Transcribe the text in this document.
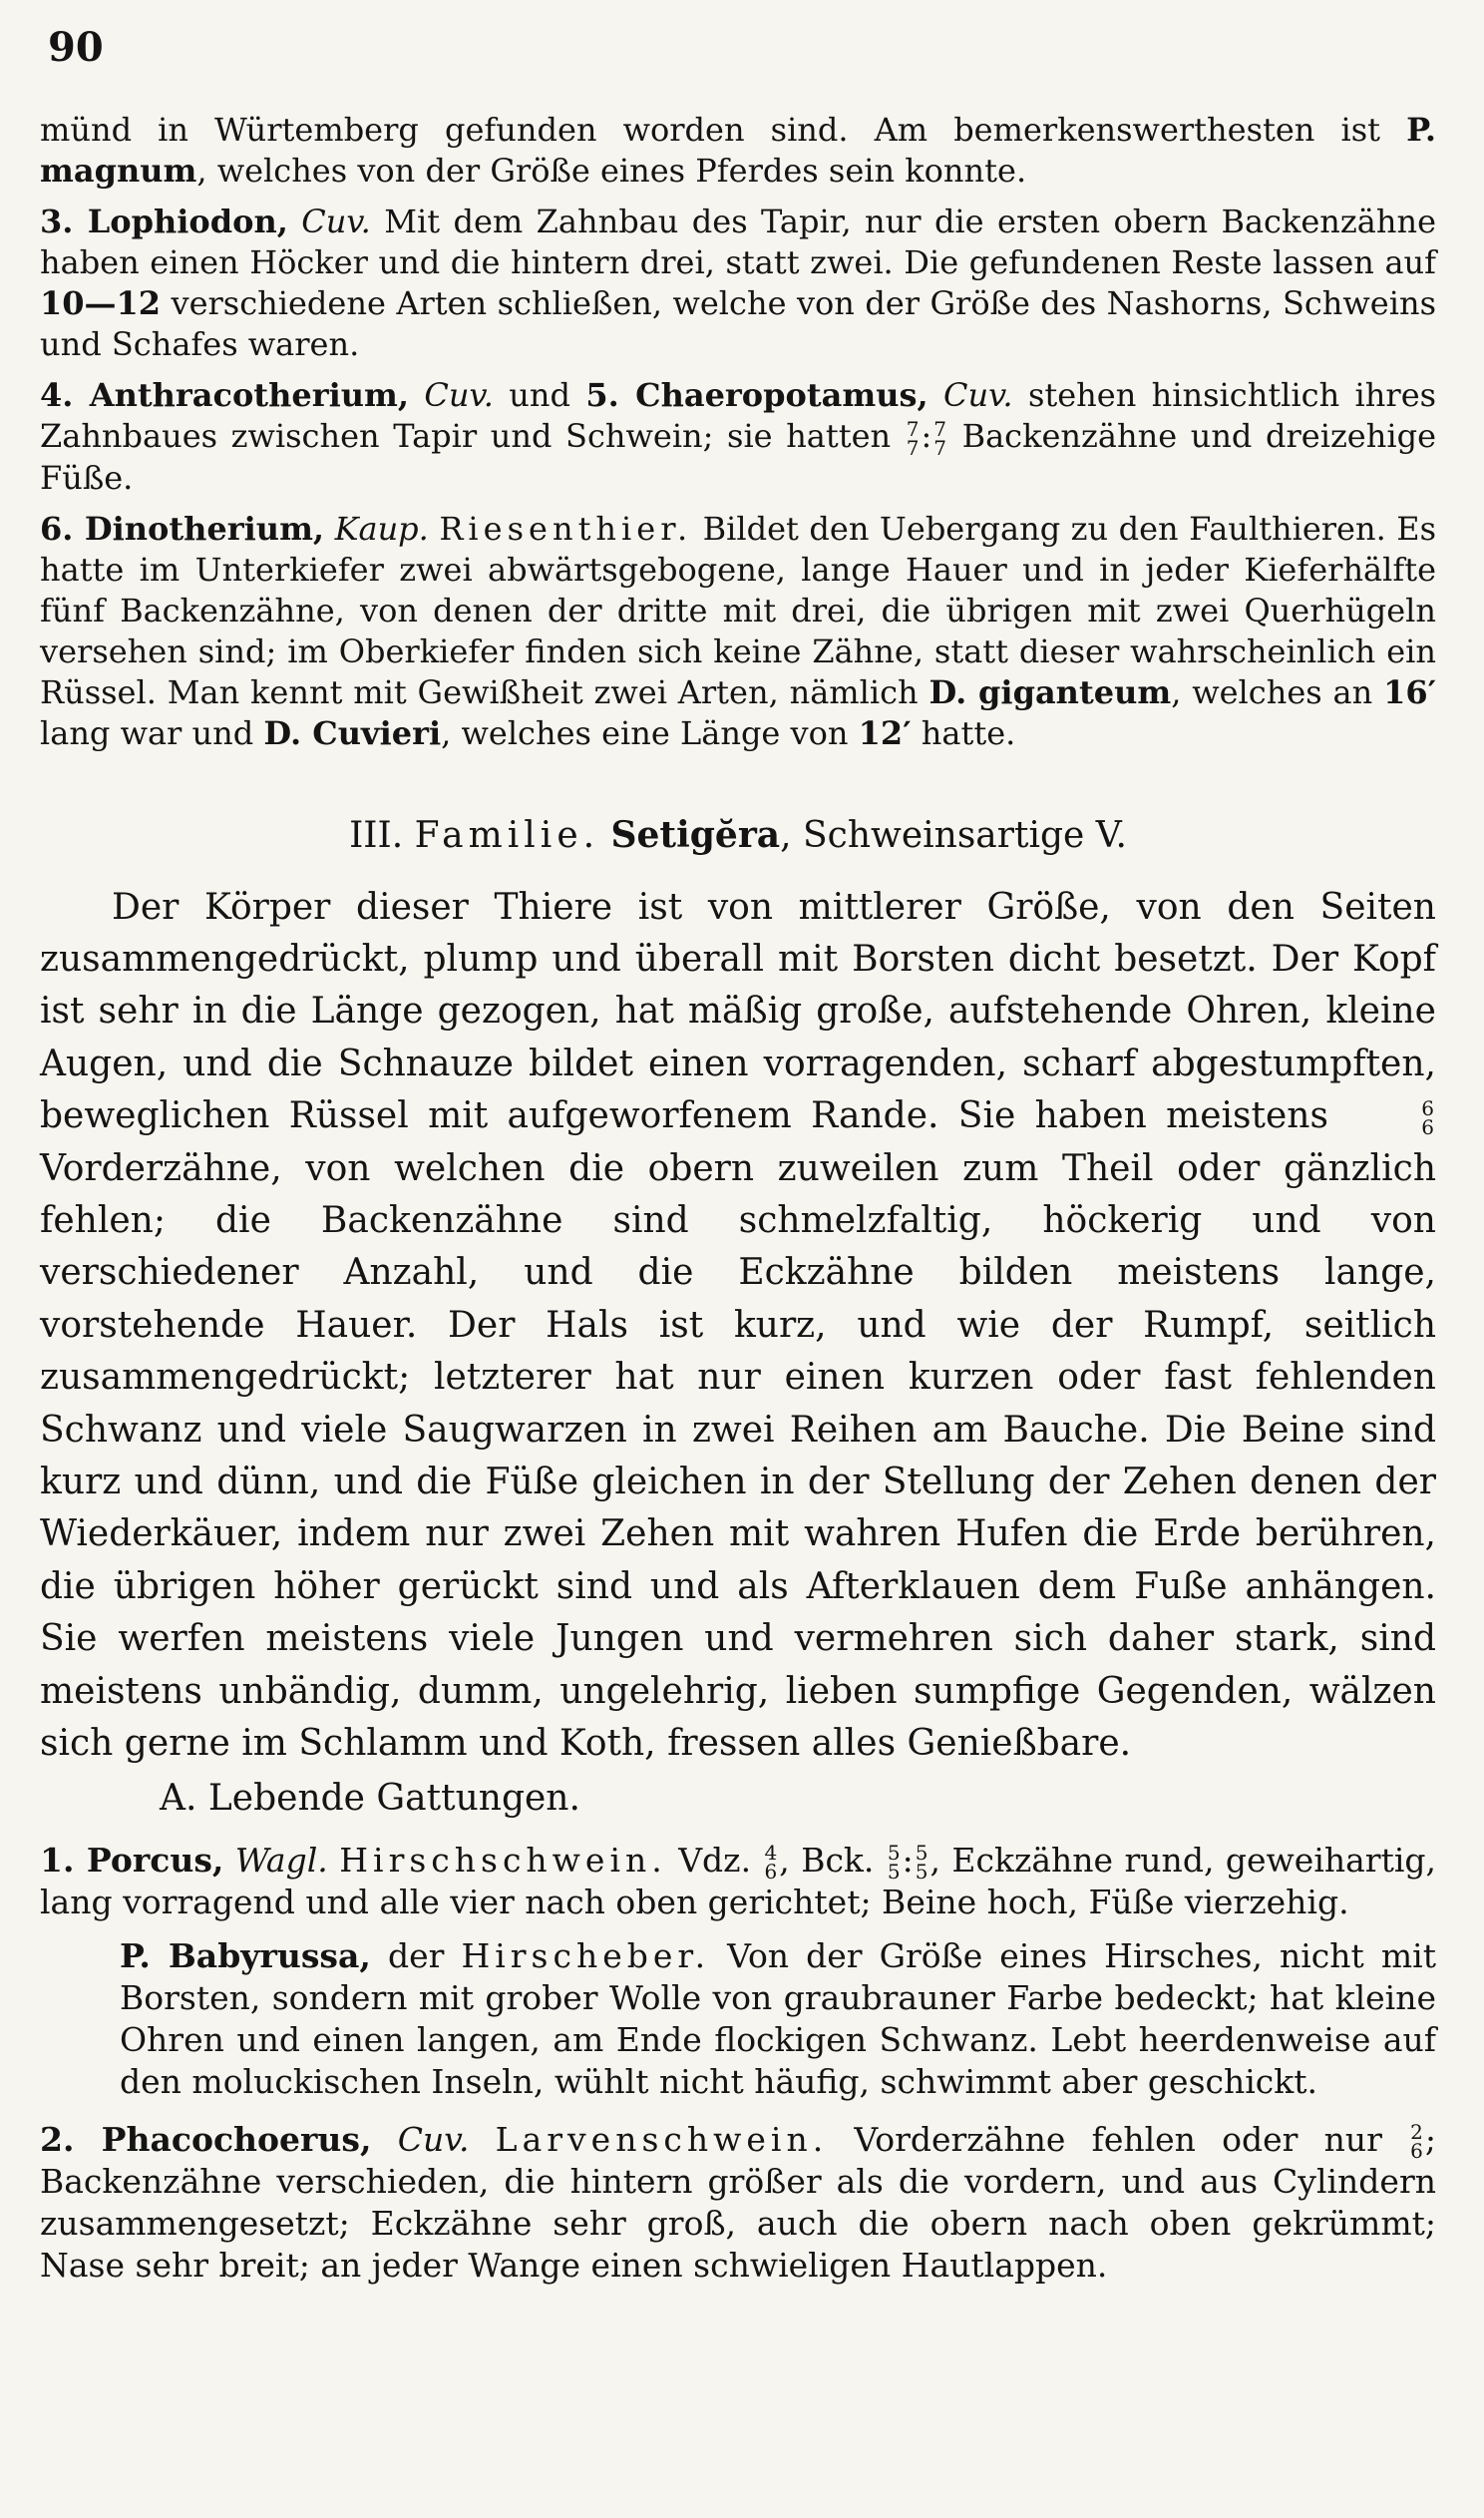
90

münd in Würtemberg gefunden worden sind. Am bemerkenswerthesten ist P. magnum, welches von der Größe eines Pferdes sein konnte.

3. Lophiodon, Cuv. Mit dem Zahnbau des Tapir, nur die ersten obern Backenzähne haben einen Höcker und die hintern drei, statt zwei. Die gefundenen Reste lassen auf 10—12 verschiedene Arten schließen, welche von der Größe des Nashorns, Schweins und Schafes waren.

4. Anthracotherium, Cuv. und 5. Chaeropotamus, Cuv. stehen hinsichtlich ihres Zahnbaues zwischen Tapir und Schwein; sie hatten 7
7 : 7
7 Backenzähne und dreizehige Füße.

6. Dinotherium, Kaup. Riesenthier. Bildet den Uebergang zu den Faulthieren. Es hatte im Unterkiefer zwei abwärtsgebogene, lange Hauer und in jeder Kieferhälfte fünf Backenzähne, von denen der dritte mit drei, die übrigen mit zwei Querhügeln versehen sind; im Oberkiefer finden sich keine Zähne, statt dieser wahrscheinlich ein Rüssel. Man kennt mit Gewißheit zwei Arten, nämlich D. giganteum, welches an 16′ lang war und D. Cuvieri, welches eine Länge von 12′ hatte.

III. Familie. Setigĕra, Schweinsartige V.

Der Körper dieser Thiere ist von mittlerer Größe, von den Seiten zusammengedrückt, plump und überall mit Borsten dicht besetzt. Der Kopf ist sehr in die Länge gezogen, hat mäßig große, aufstehende Ohren, kleine Augen, und die Schnauze bildet einen vorragenden, scharf abgestumpften, beweglichen Rüssel mit aufgeworfenem Rande. Sie haben meistens	6
6
Vorderzähne, von welchen die obern zuweilen zum Theil oder gänzlich fehlen; die Backenzähne sind schmelzfaltig, höckerig und von verschiedener Anzahl, und die Eckzähne bilden meistens lange, vorstehende Hauer. Der Hals ist kurz, und wie der Rumpf, seitlich zusammengedrückt; letzterer hat nur einen kurzen oder fast fehlenden Schwanz und viele Saugwarzen in zwei Reihen am Bauche. Die Beine sind kurz und dünn, und die Füße gleichen in der Stellung der Zehen denen der Wiederkäuer, indem nur zwei Zehen mit wahren Hufen die Erde berühren, die übrigen höher gerückt sind und als Afterklauen dem Fuße anhängen. Sie werfen meistens viele Jungen und vermehren sich daher stark, sind meistens unbändig, dumm, ungelehrig, lieben sumpfige Gegenden, wälzen sich gerne im Schlamm und Koth, fressen alles Genießbare.

A. Lebende Gattungen.

1. Porcus, Wagl. Hirschschwein. Vdz. 4
6 , Bck. 5
5 : 5
5 , Eckzähne rund, geweihartig, lang vorragend und alle vier nach oben gerichtet; Beine hoch, Füße vierzehig.

P. Babyrussa, der Hirscheber. Von der Größe eines Hirsches, nicht mit Borsten, sondern mit grober Wolle von graubrauner Farbe bedeckt; hat kleine Ohren und einen langen, am Ende flockigen Schwanz. Lebt heerdenweise auf den moluckischen Inseln, wühlt nicht häufig, schwimmt aber geschickt.

2. Phacochoerus, Cuv. Larvenschwein. Vorderzähne fehlen oder nur 2
6 ; Backenzähne verschieden, die hintern größer als die vordern, und aus Cylindern zusammengesetzt; Eckzähne sehr groß, auch die obern nach oben gekrümmt; Nase sehr breit; an jeder Wange einen schwieligen Hautlappen.
